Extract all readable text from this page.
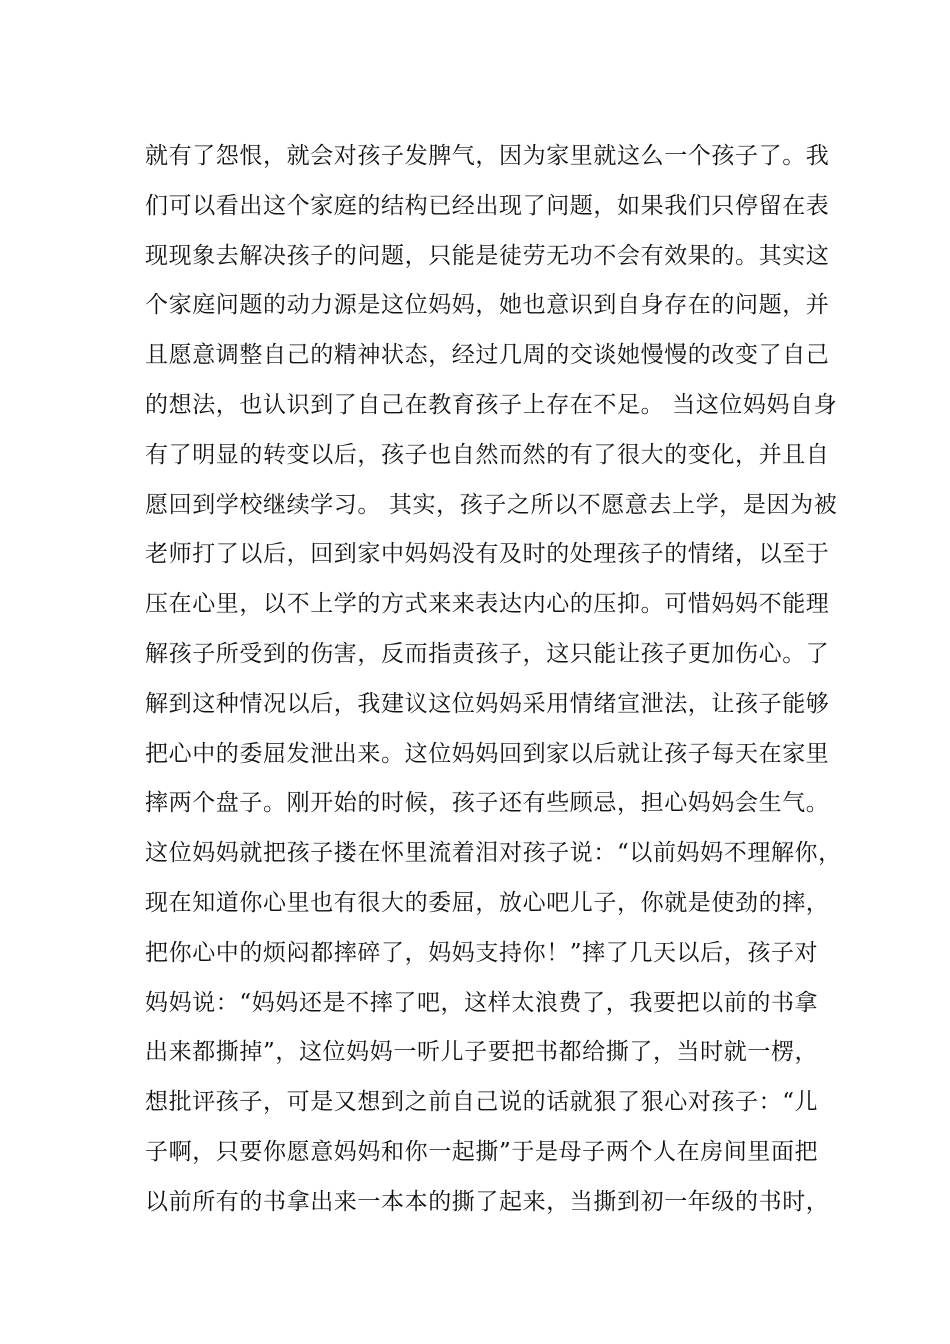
就有了怨恨，就会对孩子发脾气，因为家里就这么一个孩子了。我
们可以看出这个家庭的结构已经出现了问题，如果我们只停留在表
现现象去解决孩子的问题，只能是徒劳无功不会有效果的。其实这
个家庭问题的动力源是这位妈妈，她也意识到自身存在的问题，并
且愿意调整自己的精神状态，经过几周的交谈她慢慢的改变了自己
的想法，也认识到了自己在教育孩子上存在不足。 当这位妈妈自身
有了明显的转变以后，孩子也自然而然的有了很大的变化，并且自
愿回到学校继续学习。 其实，孩子之所以不愿意去上学，是因为被
老师打了以后，回到家中妈妈没有及时的处理孩子的情绪，以至于
压在心里，以不上学的方式来来表达内心的压抑。可惜妈妈不能理
解孩子所受到的伤害，反而指责孩子，这只能让孩子更加伤心。了
解到这种情况以后，我建议这位妈妈采用情绪宣泄法，让孩子能够
把心中的委屈发泄出来。这位妈妈回到家以后就让孩子每天在家里
摔两个盘子。刚开始的时候，孩子还有些顾忌，担心妈妈会生气。
这位妈妈就把孩子搂在怀里流着泪对孩子说：“以前妈妈不理解你，
现在知道你心里也有很大的委屈，放心吧儿子，你就是使劲的摔，
把你心中的烦闷都摔碎了，妈妈支持你！”摔了几天以后，孩子对
妈妈说：“妈妈还是不摔了吧，这样太浪费了，我要把以前的书拿
出来都撕掉”，这位妈妈一听儿子要把书都给撕了，当时就一楞，
想批评孩子，可是又想到之前自己说的话就狠了狠心对孩子：“儿
子啊，只要你愿意妈妈和你一起撕”于是母子两个人在房间里面把
以前所有的书拿出来一本本的撕了起来，当撕到初一年级的书时，
